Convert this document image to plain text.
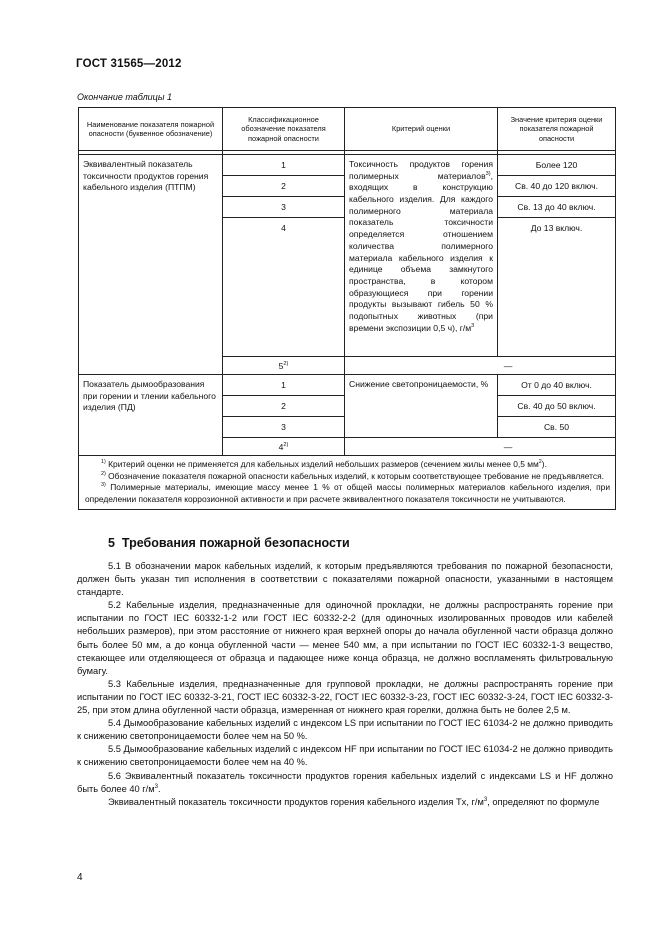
ГОСТ 31565—2012
Окончание таблицы 1
Наименование показателя пожарной опасности (буквенное обозначение)	Классификационное обозначение показателя пожарной опасности	Критерий оценки	Значение критерия оценки показателя пожарной опасности

Эквивалентный показатель токсичности продуктов горения кабельного изделия (ПТПМ)	1	Токсичность продуктов горения полимерных материалов$^{3)}$, входящих в конструкцию кабельного изделия. Для каждого полимерного материала показатель токсичности определяется отношением количества полимерного материала кабельного изделия к единице объема замкнутого пространства, в котором образующиеся при горении продукты вызывают гибель 50 % подопытных животных (при времени экспозиции 0,5 ч), $г/м^3$	Более 120
	2		Св. 40 до 120 включ.
	3		Св. 13 до 40 включ.
	4		До 13 включ.
	5$^{2)}$	—	
Показатель дымообразования при горении и тлении кабельного изделия (ПД)	1	Снижение светопроницаемости, %	От 0 до 40 включ.
	2		Св. 40 до 50 включ.
	3		Св. 50
	4$^{2)}$	—	

$^{1)}$ Критерий оценки не применяется для кабельных изделий небольших размеров (сечением жилы менее 0,5 $мм^2$).

$^{2)}$ Обозначение показателя пожарной опасности кабельных изделий, к которым соответствующее требование не предъявляется.

$^{3)}$ Полимерные материалы, имеющие массу менее 1 % от общей массы полимерных материалов кабельного изделия, при определении показателя коррозионной активности и при расчете эквивалентного показателя токсичности не учитываются.			

5 Требования пожарной безопасности

5.1 В обозначении марок кабельных изделий, к которым предъявляются требования по пожарной безопасности, должен быть указан тип исполнения в соответствии с показателями пожарной опасности, указанными в настоящем стандарте.

5.2 Кабельные изделия, предназначенные для одиночной прокладки, не должны распространять горение при испытании по ГОСТ IEC 60332-1-2 или ГОСТ IEC 60332-2-2 (для одиночных изолированных проводов или кабелей небольших размеров), при этом расстояние от нижнего края верхней опоры до начала обугленной части образца должно быть более 50 мм, а до конца обугленной части — менее 540 мм, а при испытании по ГОСТ IEC 60332-1-3 вещество, стекающее или отделяющееся от образца и падающее ниже конца образца, не должно воспламенять фильтровальную бумагу.

5.3 Кабельные изделия, предназначенные для групповой прокладки, не должны распространять горение при испытании по ГОСТ IEC 60332-3-21, ГОСТ IEC 60332-3-22, ГОСТ IEC 60332-3-23, ГОСТ IEC 60332-3-24, ГОСТ IEC 60332-3-25, при этом длина обугленной части образца, измеренная от нижнего края горелки, должна быть не более 2,5 м.

5.4 Дымообразование кабельных изделий с индексом LS при испытании по ГОСТ IEC 61034-2 не должно приводить к снижению светопроницаемости более чем на 50 %.

5.5 Дымообразование кабельных изделий с индексом HF при испытании по ГОСТ IEC 61034-2 не должно приводить к снижению светопроницаемости более чем на 40 %.

5.6 Эквивалентный показатель токсичности продуктов горения кабельных изделий с индексами LS и HF должно быть более 40 $г/м^3$.

Эквивалентный показатель токсичности продуктов горения кабельного изделия Tx, $г/м^3$, определяют по формуле

4
